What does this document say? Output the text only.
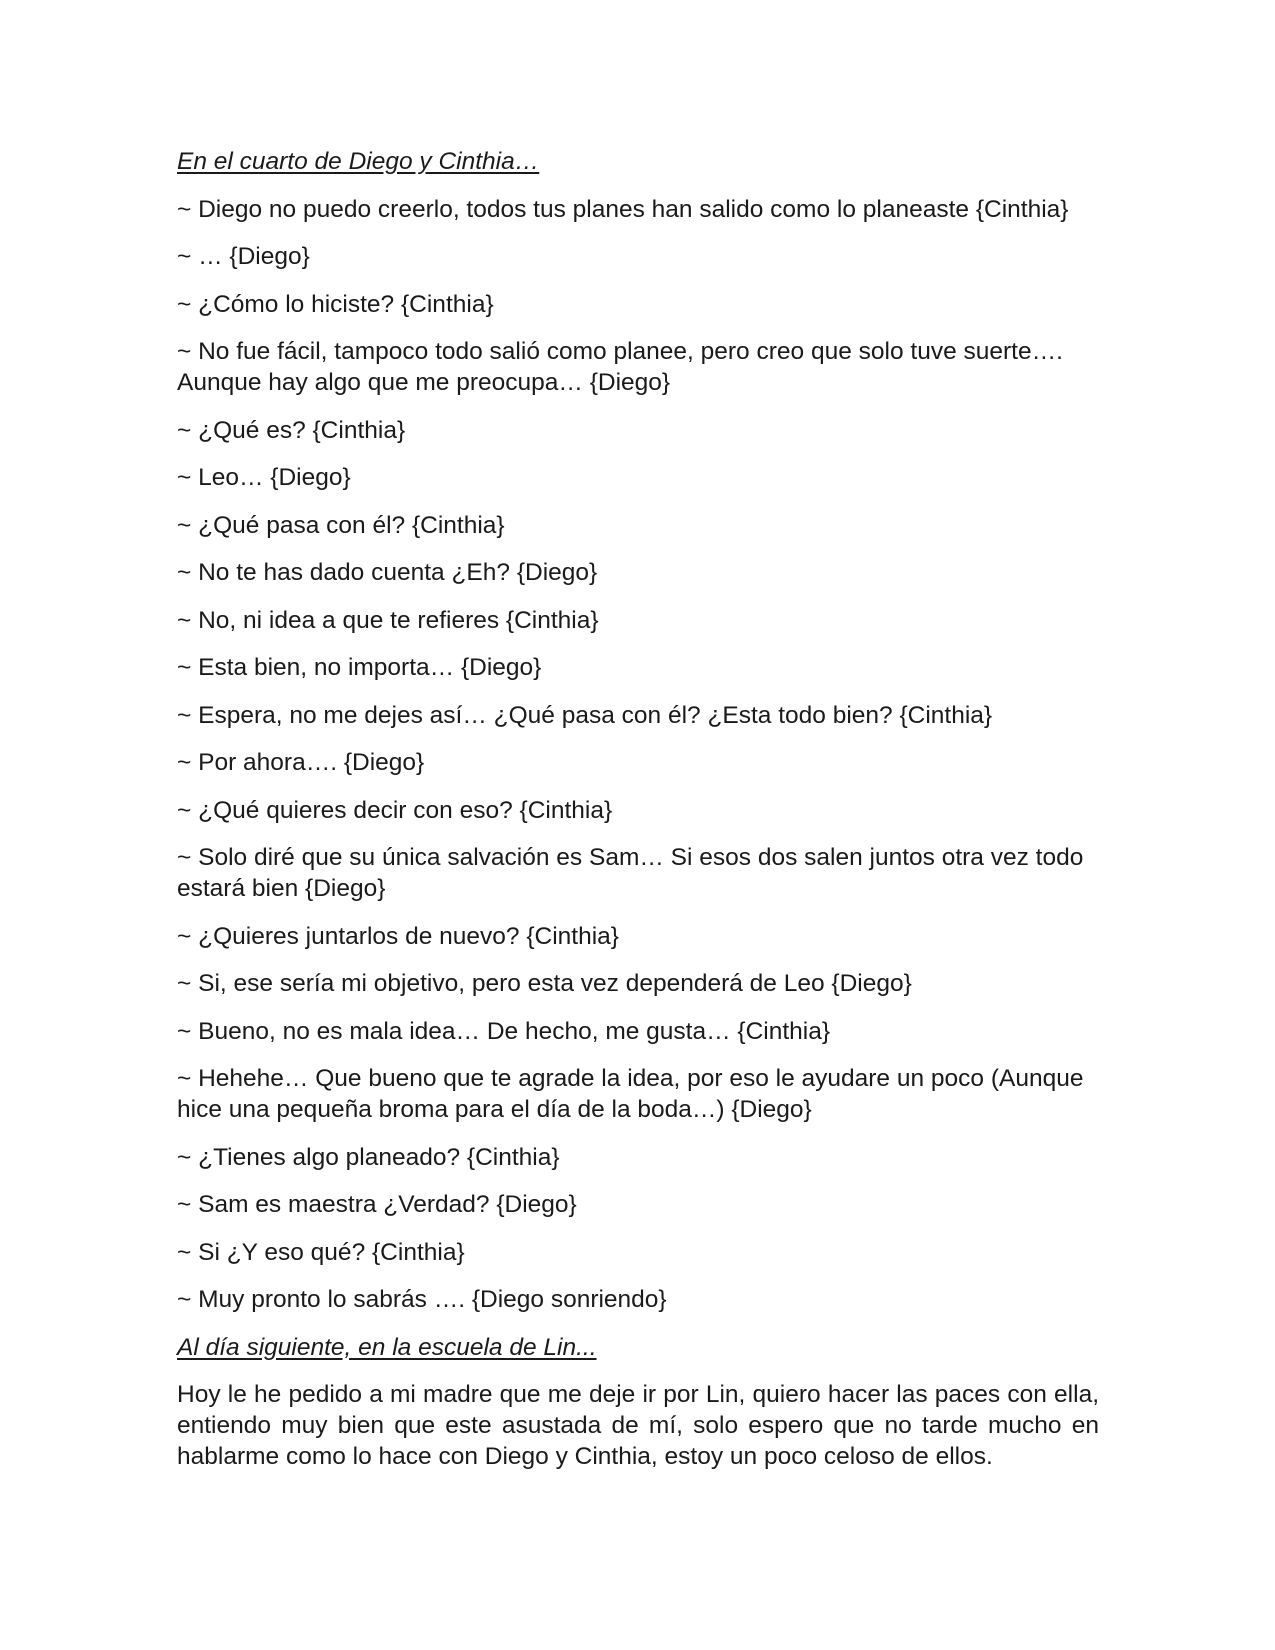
En el cuarto de Diego y Cinthia…
~ Diego no puedo creerlo, todos tus planes han salido como lo planeaste {Cinthia}
~ … {Diego}
~ ¿Cómo lo hiciste? {Cinthia}
~ No fue fácil, tampoco todo salió como planee, pero creo que solo tuve suerte…. Aunque hay algo que me preocupa… {Diego}
~ ¿Qué es? {Cinthia}
~ Leo… {Diego}
~ ¿Qué pasa con él? {Cinthia}
~ No te has dado cuenta ¿Eh? {Diego}
~ No, ni idea a que te refieres {Cinthia}
~ Esta bien, no importa… {Diego}
~ Espera, no me dejes así… ¿Qué pasa con él? ¿Esta todo bien? {Cinthia}
~ Por ahora…. {Diego}
~ ¿Qué quieres decir con eso? {Cinthia}
~ Solo diré que su única salvación es Sam… Si esos dos salen juntos otra vez todo estará bien {Diego}
~ ¿Quieres juntarlos de nuevo? {Cinthia}
~ Si, ese sería mi objetivo, pero esta vez dependerá de Leo {Diego}
~ Bueno, no es mala idea… De hecho, me gusta… {Cinthia}
~ Hehehe… Que bueno que te agrade la idea, por eso le ayudare un poco (Aunque hice una pequeña broma para el día de la boda…) {Diego}
~ ¿Tienes algo planeado? {Cinthia}
~ Sam es maestra ¿Verdad? {Diego}
~ Si ¿Y eso qué? {Cinthia}
~ Muy pronto lo sabrás …. {Diego sonriendo}
Al día siguiente, en la escuela de Lin...
Hoy le he pedido a mi madre que me deje ir por Lin, quiero hacer las paces con ella, entiendo muy bien que este asustada de mí, solo espero que no tarde mucho en hablarme como lo hace con Diego y Cinthia, estoy un poco celoso de ellos.
